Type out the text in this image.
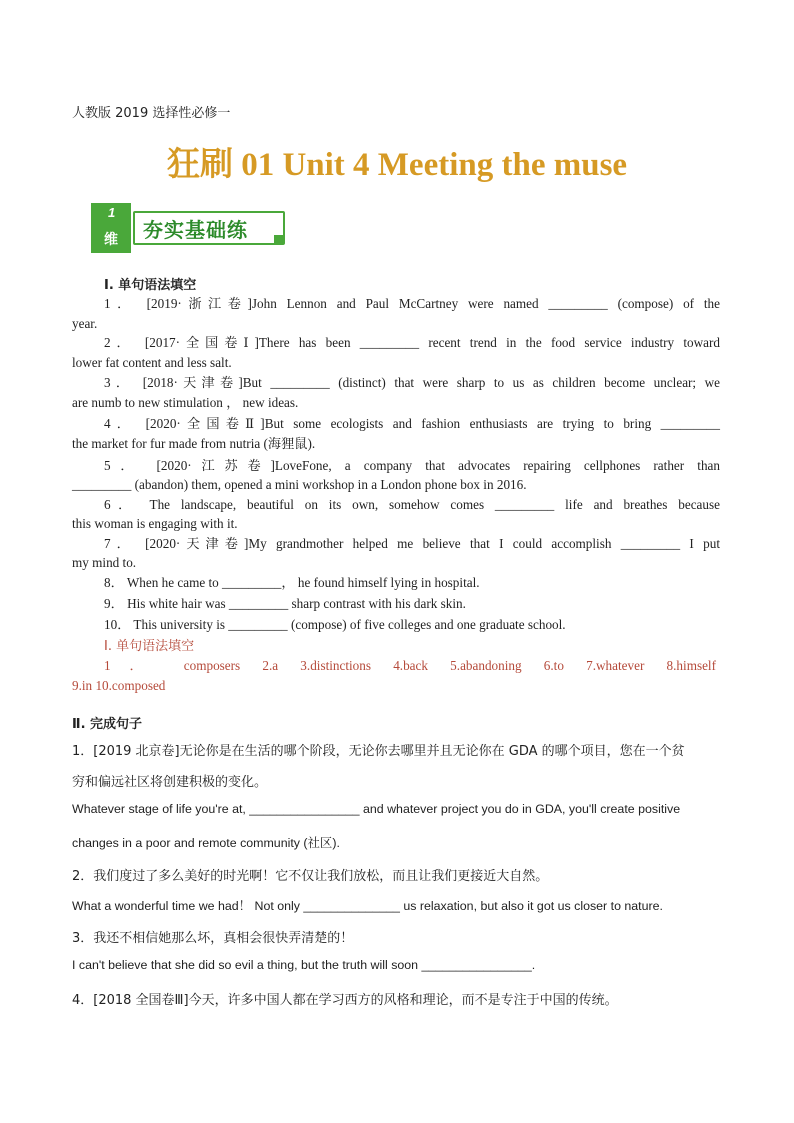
人教版 2019 选择性必修一
狂刷 01 Unit 4 Meeting the muse
1
维 夯实基础练
Ⅰ. 单句语法填空
1． [2019·浙江卷]John Lennon and Paul McCartney were named _________ (compose) of the
year.
2． [2017·全国卷Ⅰ]There has been _________ recent trend in the food service industry toward
lower fat content and less salt.
3． [2018·天津卷]But _________ (distinct) that were sharp to us as children become unclear; we
are numb to new stimulation ， new ideas.
4． [2020·全国卷Ⅱ]But some ecologists and fashion enthusiasts are trying to bring _________
the market for fur made from nutria (海狸鼠).
5． [2020·江苏卷]LoveFone, a company that advocates repairing cellphones rather than
_________ (abandon) them, opened a mini workshop in a London phone box in 2016.
6． The landscape, beautiful on its own, somehow comes _________ life and breathes because
this woman is engaging with it.
7． [2020·天津卷]My grandmother helped me believe that I could accomplish _________ I put
my mind to.
8． When he came to _________， he found himself lying in hospital.
9． His white hair was _________ sharp contrast with his dark skin.
10． This university is _________ (compose) of five colleges and one graduate school.
Ⅰ. 单句语法填空
1． composers 2.a 3.distinctions 4.back 5.abandoning 6.to 7.whatever 8.himself
9.in 10.composed
Ⅱ. 完成句子
1．[2019 北京卷]无论你是在生活的哪个阶段，无论你去哪里并且无论你在 GDA 的哪个项目，您在一个贫
穷和偏远社区将创建积极的变化。
Whatever stage of life you're at, ________________ and whatever project you do in GDA, you'll create positive
changes in a poor and remote community (社区).
2．我们度过了多么美好的时光啊！它不仅让我们放松，而且让我们更接近大自然。
What a wonderful time we had！ Not only ______________ us relaxation, but also it got us closer to nature.
3．我还不相信她那么坏，真相会很快弄清楚的！
I can't believe that she did so evil a thing, but the truth will soon ________________.
4．[2018 全国卷Ⅲ]今天，许多中国人都在学习西方的风格和理论，而不是专注于中国的传统。
